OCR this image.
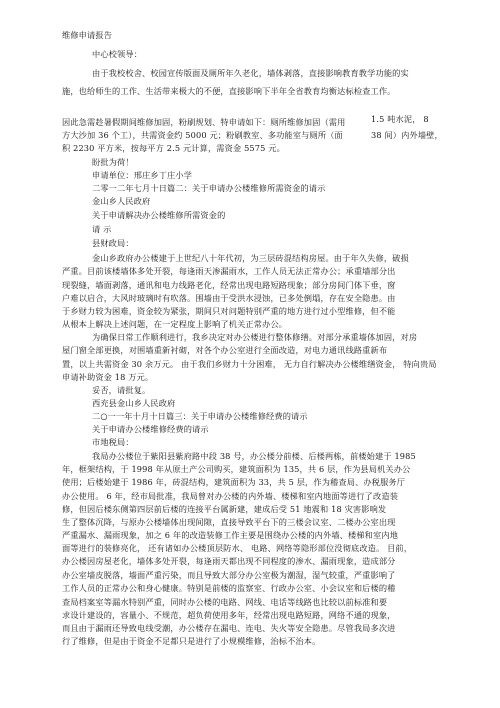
维修申请报告
中心校领导：
由于我校校舍、校园宣传版面及厕所年久老化，墙体剥落，直接影响教育教学功能的实
施，也给师生的工作、生活带来极大的不便，直接影响下半年全省教育均衡达标检查工作。
1.5 吨水泥， 8
因此急需趁暑假期间维修加固，粉刷规划、特申请如下：厕所维修加固（需用
方大沙加 36 个工），共需资金约 5000 元；粉刷教室、多功能室与厕所（面	38 间）内外墙壁，
积 2230 平方米，按每平方 2.5 元计算，需资金 5575 元。
盼批为荷！
申请单位：邢庄乡丁庄小学
二零一二年七月十日篇二：关于申请办公楼维修所需资金的请示
金山乡人民政府
关于申请解决办公楼维修所需资金的
请 示
县财政局：
金山乡政府办公楼建于上世纪八十年代初，为三层砖混结构房屋。由于年久失修，破损
严重。目前该楼墙体多处开裂，每逢雨天渗漏雨水，工作人员无法正常办公；承重墙部分出
现裂缝，墙面剥落，通讯和电力线路老化，经常出现电路短路现象；部分房间门体下垂，窗
户难以启合，大风时玻璃时有吹落。围墙由于受洪水浸蚀，已多处倒塌，存在安全隐患。由
于乡财力较为困难，资金较为紧张，期间只对问题特别严重的地方进行过小型维修，但不能
从根本上解决上述问题，在一定程度上影响了机关正常办公。
为确保日常工作顺利进行，我乡决定对办公楼进行整体修缮。对部分承重墙体加固，对房
屋门窗全部更换，对围墙重新衬砌，对各个办公室进行全面改造，对电力通讯线路重新布
置，以上共需资金 30 余万元。 由于我们乡财力十分困难， 无力自行解决办公楼维缮资金， 特向贵局
申请补助资金 18 万元。
妥否，请批复。
西充县金山乡人民政府
二○一一年十月十日篇三：关于申请办公楼维修经费的请示
关于申请办公楼维修经费的请示
市地税局：
我局办公楼位于紫阳县紫府路中段 38 号，办公楼分前楼、后楼两栋，前楼始建于 1985
年，框架结构，于 1998 年从原土产公司购买，建筑面积为 135，共 6 层，作为县局机关办公
使用；后楼始建于 1986 年，砖混结构，建筑面积为 33，共 5 层，作为稽查局、办税服务厅
办公使用。 6 年，经市局批准，我局曾对办公楼的内外墙、楼梯和室内地面等进行了改造装
修，但因后楼东侧第四层前后楼的连接平台属新建，建成后受 51 地震和 18 灾害影响发
生了整体沉降，与原办公楼墙体出现间隙，直接导致平台下的三楼会议室、二楼办公室出现
严重漏水、漏雨现象，加之 6 年的改造装修工作主要是围绕办公楼的内外墙、楼梯和室内地
面等进行的装修亮化， 还有诸如办公楼顶层防水、 电路、网络等隐形部位没彻底改造。 目前，
办公楼因房屋老化，墙体多处开裂，每逢雨天都出现不同程度的渗水、漏雨现象，造成部分
办公室墙皮脱落，墙面严重污染，而且导致大部分办公室极为潮湿，湿气较重，严重影响了
工作人员的正常办公和身心健康。特别是前楼的监察室、行政办公室、小会议室和后楼的稽
查局档案室等漏水特别严重，同时办公楼的电路、网线、电话等线路也比较以前标准和要
求设计建设的，容量小、不规范，超负荷使用多年，经常出现电路短路，网络不通的现象，
而且由于漏雨还导致电线受潮，办公楼存在漏电、连电、失火等安全隐患。尽管我局多次进
行了维修，但是由于资金不足都只是进行了小规模维修，治标不治本。
